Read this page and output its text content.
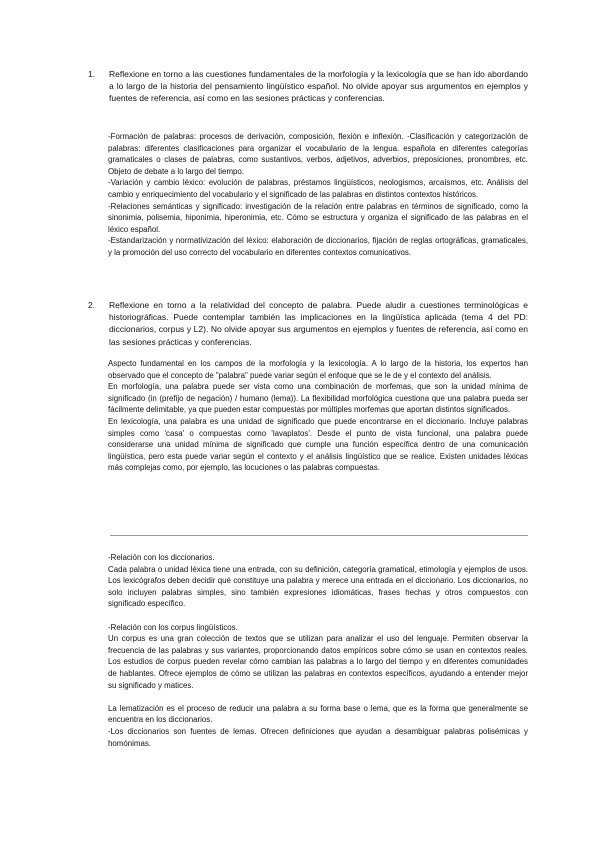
1. Reflexione en torno a las cuestiones fundamentales de la morfología y la lexicología que se han ido abordando a lo largo de la historia del pensamiento lingüístico español. No olvide apoyar sus argumentos en ejemplos y fuentes de referencia, así como en las sesiones prácticas y conferencias.

-Formación de palabras: procesos de derivación, composición, flexión e inflexión. -Clasificación y categorización de palabras: diferentes clasificaciones para organizar el vocabulario de la lengua. española en diferentes categorías gramaticales o clases de palabras, como sustantivos, verbos, adjetivos, adverbios, preposiciones, pronombres, etc. Objeto de debate a lo largo del tiempo.

-Variación y cambio léxico: evolución de palabras, préstamos lingüísticos, neologismos, arcaísmos, etc. Análisis del cambio y enriquecimiento del vocabulario y el significado de las palabras en distintos contextos históricos.

-Relaciones semánticas y significado: investigación de la relación entre palabras en términos de significado, como la sinonimia, polisemia, hiponimia, hiperonimia, etc. Cómo se estructura y organiza el significado de las palabras en el léxico español.

-Estandarización y normativización del léxico: elaboración de diccionarios, fijación de reglas ortográficas, gramaticales, y la promoción del uso correcto del vocabulario en diferentes contextos comunicativos.

2. Reflexione en torno a la relatividad del concepto de palabra. Puede aludir a cuestiones terminológicas e historiográficas. Puede contemplar también las implicaciones en la lingüística aplicada (tema 4 del PD: diccionarios, corpus y L2). No olvide apoyar sus argumentos en ejemplos y fuentes de referencia, así como en las sesiones prácticas y conferencias.

Aspecto fundamental en los campos de la morfología y la lexicología. A lo largo de la historia, los expertos han observado que el concepto de "palabra" puede variar según el enfoque que se le de y el contexto del análisis.

En morfología, una palabra puede ser vista como una combinación de morfemas, que son la unidad mínima de significado (in (prefijo de negación) / humano (lema)). La flexibilidad morfológica cuestiona que una palabra pueda ser fácilmente delimitable, ya que pueden estar compuestas por múltiples morfemas que aportan distintos significados.

En lexicología, una palabra es una unidad de significado que puede encontrarse en el diccionario. Incluye palabras simples como 'casa' o compuestas como 'lavaplatos'. Desde el punto de vista funcional, una palabra puede considerarse una unidad mínima de significado que cumple una función específica dentro de una comunicación lingüística, pero esta puede variar según el contexto y el análisis lingüístico que se realice. Existen unidades léxicas más complejas como, por ejemplo, las locuciones o las palabras compuestas.

-Relación con los diccionarios.

Cada palabra o unidad léxica tiene una entrada, con su definición, categoría gramatical, etimología y ejemplos de usos. Los lexicógrafos deben decidir qué constituye una palabra y merece una entrada en el diccionario. Los diccionarios, no solo incluyen palabras simples, sino también expresiones idiomáticas, frases hechas y otros compuestos con significado específico.

-Relación con los corpus lingüísticos.

Un corpus es una gran colección de textos que se utilizan para analizar el uso del lenguaje. Permiten observar la frecuencia de las palabras y sus variantes, proporcionando datos empíricos sobre cómo se usan en contextos reales. Los estudios de corpus pueden revelar cómo cambian las palabras a lo largo del tiempo y en diferentes comunidades de hablantes. Ofrece ejemplos de cómo se utilizan las palabras en contextos específicos, ayudando a entender mejor su significado y matices.

La lematización es el proceso de reducir una palabra a su forma base o lema, que es la forma que generalmente se encuentra en los diccionarios.

-Los diccionarios son fuentes de lemas. Ofrecen definiciones que ayudan a desambiguar palabras polisémicas y homónimas.
